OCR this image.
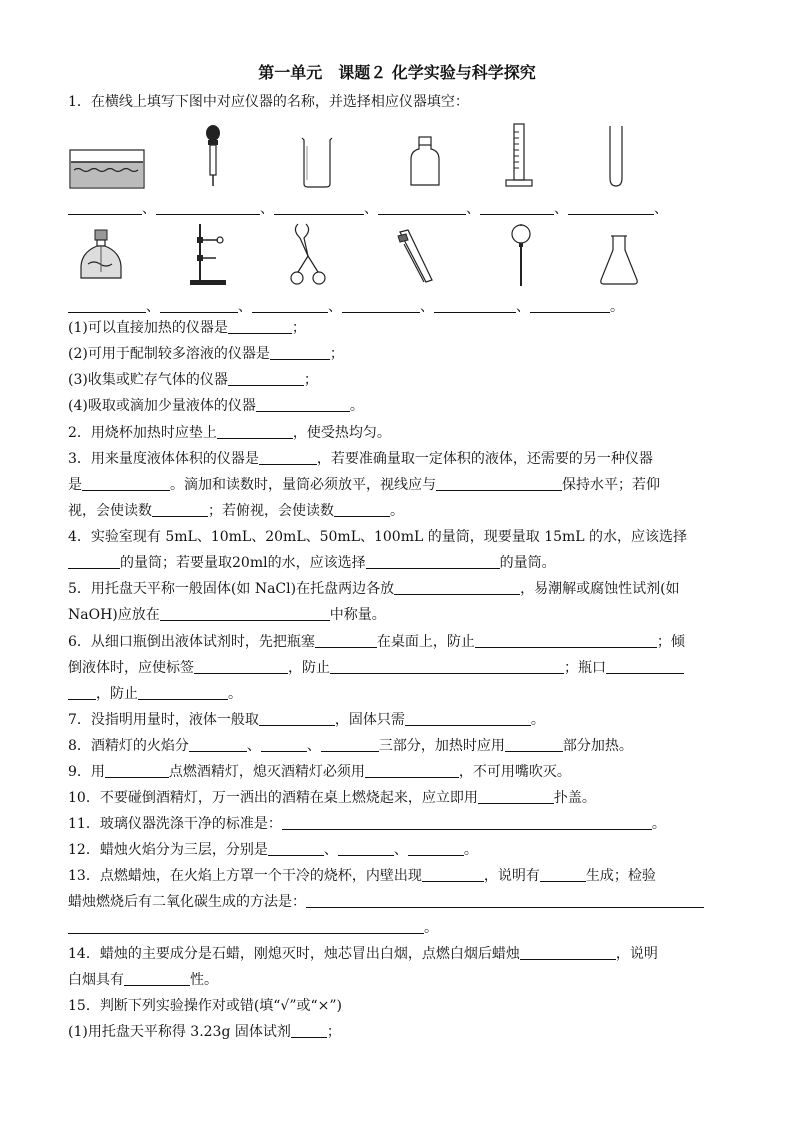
第一单元　课题２ 化学实验与科学探究
1．在横线上填写下图中对应仪器的名称，并选择相应仪器填空：
、	、	、	、	、	、
、	、	、	、	、	。
(1)可以直接加热的仪器是	；
(2)可用于配制较多溶液的仪器是	；
(3)收集或贮存气体的仪器	；
(4)吸取或滴加少量液体的仪器	。
2．用烧杯加热时应垫上	，使受热均匀。
3．用来量度液体体积的仪器是	，若要准确量取一定体积的液体，还需要的另一种仪器
是	。滴加和读数时，量筒必须放平，视线应与	保持水平；若仰
视，会使读数	；若俯视，会使读数	。
4．实验室现有 5mL、10mL、20mL、50mL、100mL 的量筒，现要量取 15mL 的水，应该选择
的量筒；若要量取20ml的水，应该选择	的量筒。
5．用托盘天平称一般固体(如 NaCl)在托盘两边各放	，易潮解或腐蚀性试剂(如
NaOH)应放在	中称量。
6．从细口瓶倒出液体试剂时，先把瓶塞	在桌面上，防止	；倾
倒液体时，应使标签	，防止	；瓶口
，防止	。
7．没指明用量时，液体一般取	，固体只需	。
8．酒精灯的火焰分	、	、	三部分，加热时应用	部分加热。
9．用	点燃酒精灯，熄灭酒精灯必须用	，不可用嘴吹灭。
10．不要碰倒酒精灯，万一洒出的酒精在桌上燃烧起来，应立即用	扑盖。
11．玻璃仪器洗涤干净的标准是：	。
12．蜡烛火焰分为三层，分别是	、	、	。
13．点燃蜡烛，在火焰上方罩一个干冷的烧杯，内壁出现	，说明有	生成；检验
蜡烛燃烧后有二氧化碳生成的方法是：
。
14．蜡烛的主要成分是石蜡，刚熄灭时，烛芯冒出白烟，点燃白烟后蜡烛	，说明
白烟具有	性。
15．判断下列实验操作对或错(填“√”或“×”)
(1)用托盘天平称得 3.23g 固体试剂	；
